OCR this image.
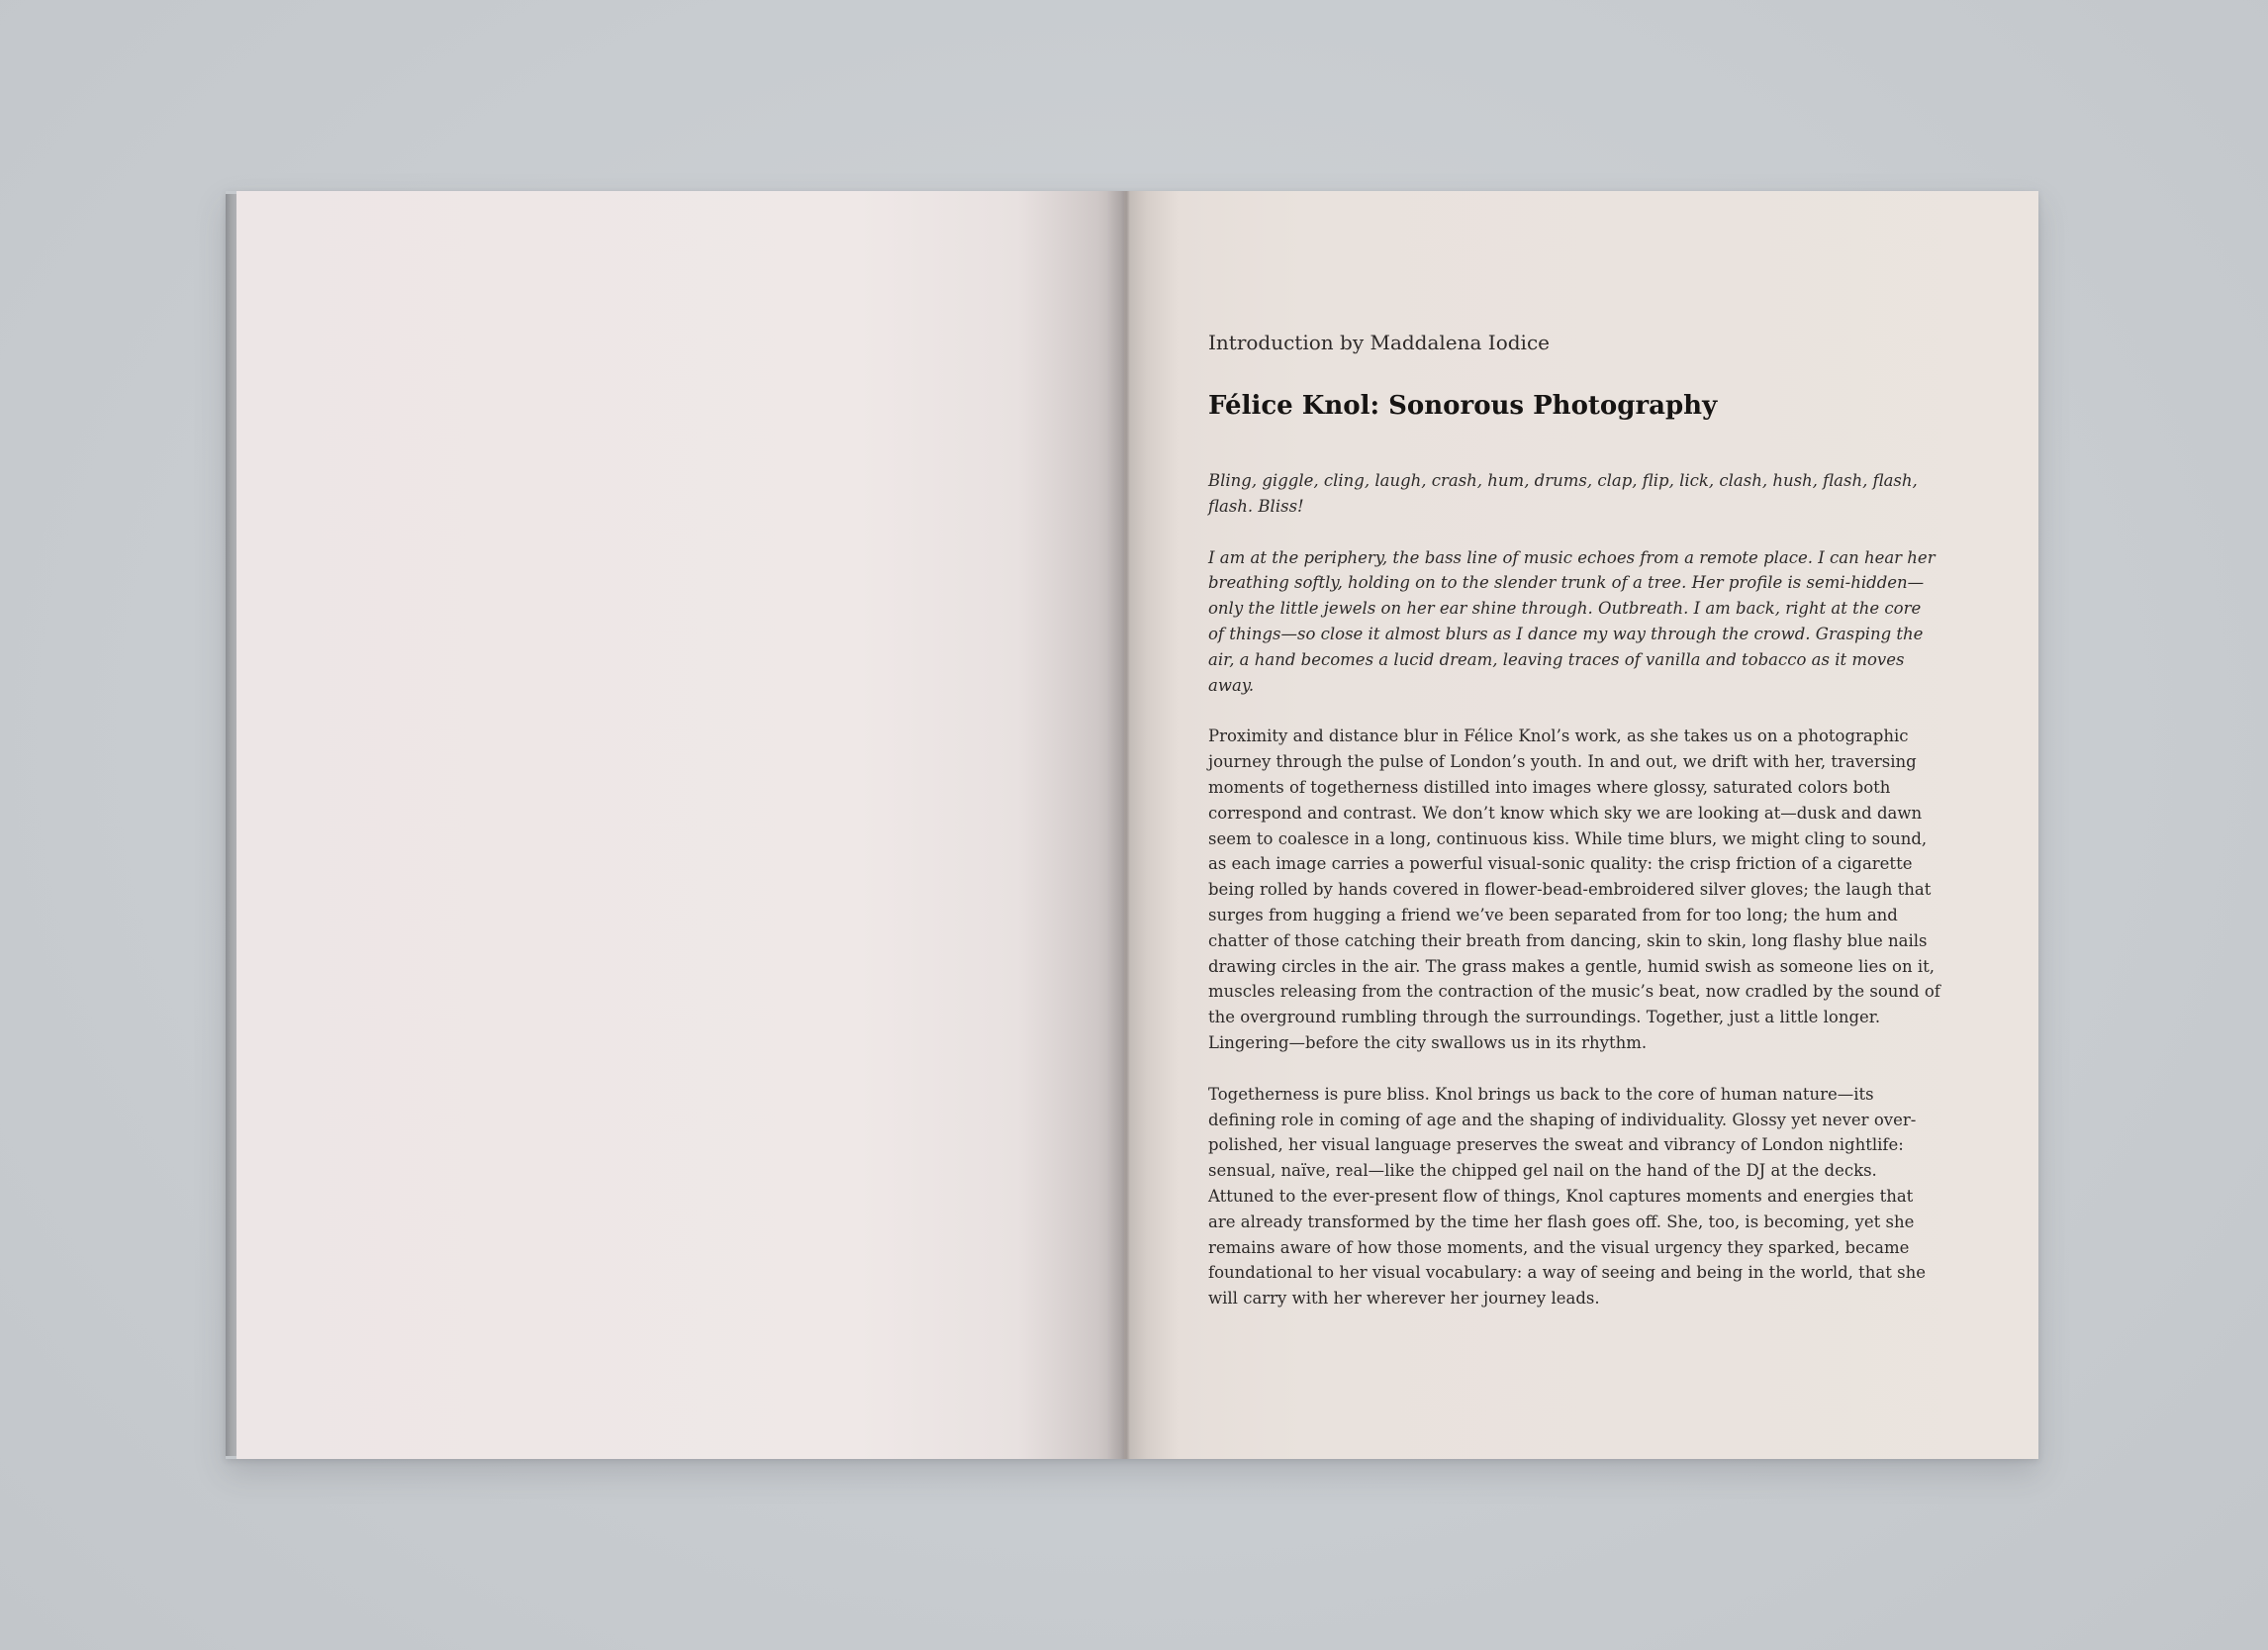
Introduction by Maddalena Iodice

Félice Knol: Sonorous Photography

Bling, giggle, cling, laugh, crash, hum, drums, clap, flip, lick, clash, hush, flash, flash, flash. Bliss!

I am at the periphery, the bass line of music echoes from a remote place. I can hear her breathing softly, holding on to the slender trunk of a tree. Her profile is semi-hidden—only the little jewels on her ear shine through. Outbreath. I am back, right at the core of things—so close it almost blurs as I dance my way through the crowd. Grasping the air, a hand becomes a lucid dream, leaving traces of vanilla and tobacco as it moves away.

Proximity and distance blur in Félice Knol’s work, as she takes us on a photographic journey through the pulse of London’s youth. In and out, we drift with her, traversing moments of togetherness distilled into images where glossy, saturated colors both correspond and contrast. We don’t know which sky we are looking at—dusk and dawn seem to coalesce in a long, continuous kiss. While time blurs, we might cling to sound, as each image carries a powerful visual-sonic quality: the crisp friction of a cigarette being rolled by hands covered in flower-bead-embroidered silver gloves; the laugh that surges from hugging a friend we’ve been separated from for too long; the hum and chatter of those catching their breath from dancing, skin to skin, long flashy blue nails drawing circles in the air. The grass makes a gentle, humid swish as someone lies on it, muscles releasing from the contraction of the music’s beat, now cradled by the sound of the overground rumbling through the surroundings. Together, just a little longer. Lingering—before the city swallows us in its rhythm.

Togetherness is pure bliss. Knol brings us back to the core of human nature—its defining role in coming of age and the shaping of individuality. Glossy yet never over-polished, her visual language preserves the sweat and vibrancy of London nightlife: sensual, naïve, real—like the chipped gel nail on the hand of the DJ at the decks. Attuned to the ever-present flow of things, Knol captures moments and energies that are already transformed by the time her flash goes off. She, too, is becoming, yet she remains aware of how those moments, and the visual urgency they sparked, became foundational to her visual vocabulary: a way of seeing and being in the world, that she will carry with her wherever her journey leads.
